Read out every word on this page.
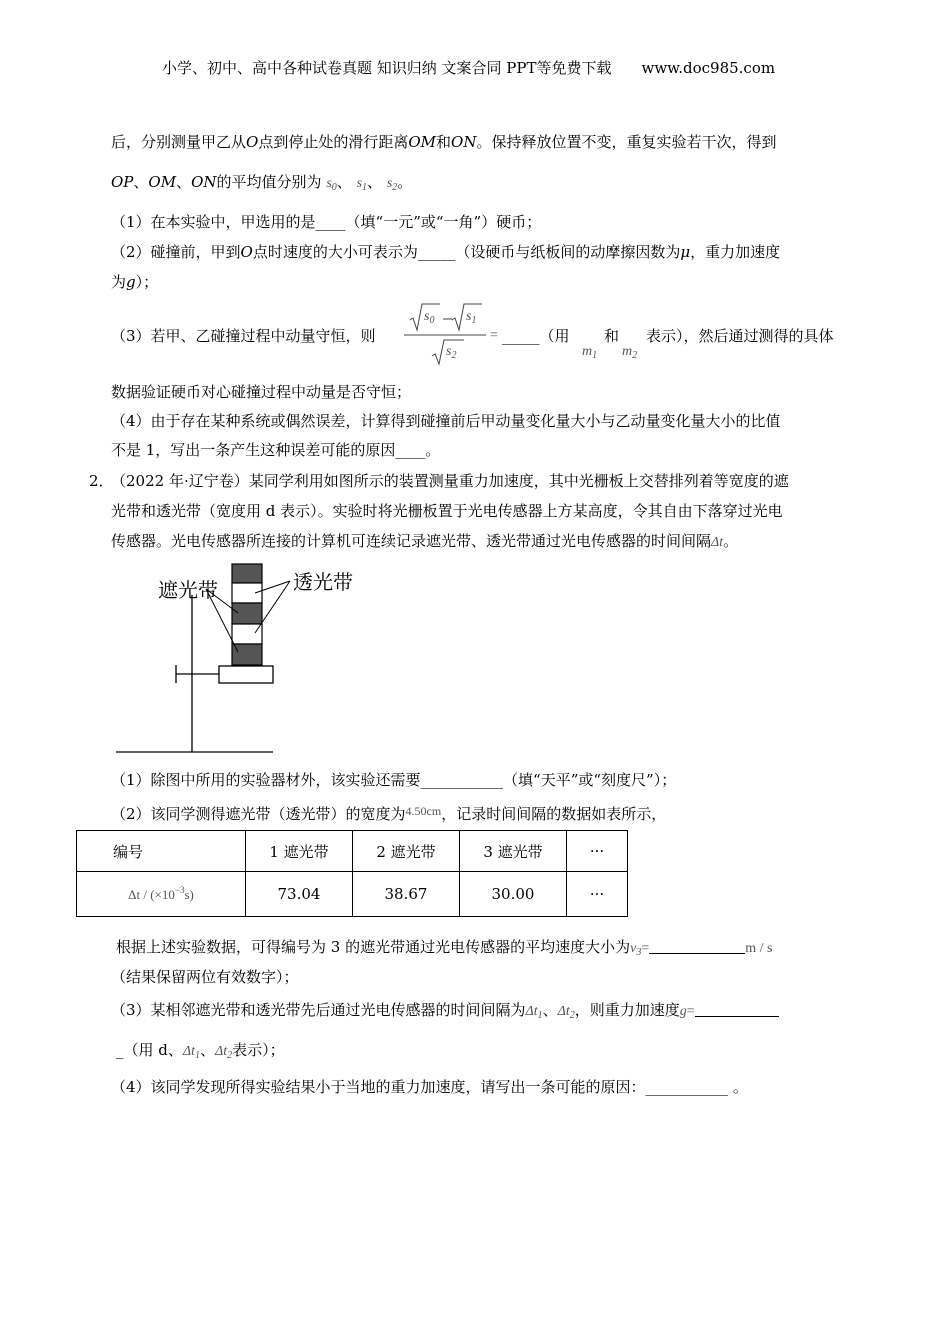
小学、初中、高中各种试卷真题 知识归纳 文案合同 PPT等免费下载　　www.doc985.com
后，分别测量甲乙从O点到停止处的滑行距离OM和ON。保持释放位置不变，重复实验若干次，得到
OP、OM、ON的平均值分别为 $s_0$、 $s_1$、 $s_2$。
（1）在本实验中，甲选用的是____（填“一元”或“一角”）硬币；
（2）碰撞前，甲到O点时速度的大小可表示为_____（设硬币与纸板间的动摩擦因数为μ，重力加速度
为g）；
（3）若甲、乙碰撞过程中动量守恒，则
$s_0$ $s_1$
$s_2$
= _____（用
$m_1$
和
$m_2$
表示），然后通过测得的具体
数据验证硬币对心碰撞过程中动量是否守恒；
（4）由于存在某种系统或偶然误差，计算得到碰撞前后甲动量变化量大小与乙动量变化量大小的比值
不是 1，写出一条产生这种误差可能的原因____。
2．
（2022 年·辽宁卷）某同学利用如图所示的装置测量重力加速度，其中光栅板上交替排列着等宽度的遮
光带和透光带（宽度用 d 表示）。实验时将光栅板置于光电传感器上方某高度，令其自由下落穿过光电
传感器。光电传感器所连接的计算机可连续记录遮光带、透光带通过光电传感器的时间间隔Δt。
遮光带	透光带
（1）除图中所用的实验器材外，该实验还需要___________（填“天平”或“刻度尺”）；
（2）该同学测得遮光带（透光带）的宽度为$^{4.50cm}$，记录时间间隔的数据如表所示，
编号	1 遮光带	2 遮光带	3 遮光带	···
$\Delta t / (\times 10^{-3}s)$	73.04	38.67	30.00	···
根据上述实验数据，可得编号为 3 的遮光带通过光电传感器的平均速度大小为$v_3=$	m / s
（结果保留两位有效数字）；
（3）某相邻遮光带和透光带先后通过光电传感器的时间间隔为$\Delta t_1$、$\Delta t_2$，则重力加速度g=
_（用 d、$\Delta t_1$、$\Delta t_2$表示）；
（4）该同学发现所得实验结果小于当地的重力加速度，请写出一条可能的原因：___________ 。
